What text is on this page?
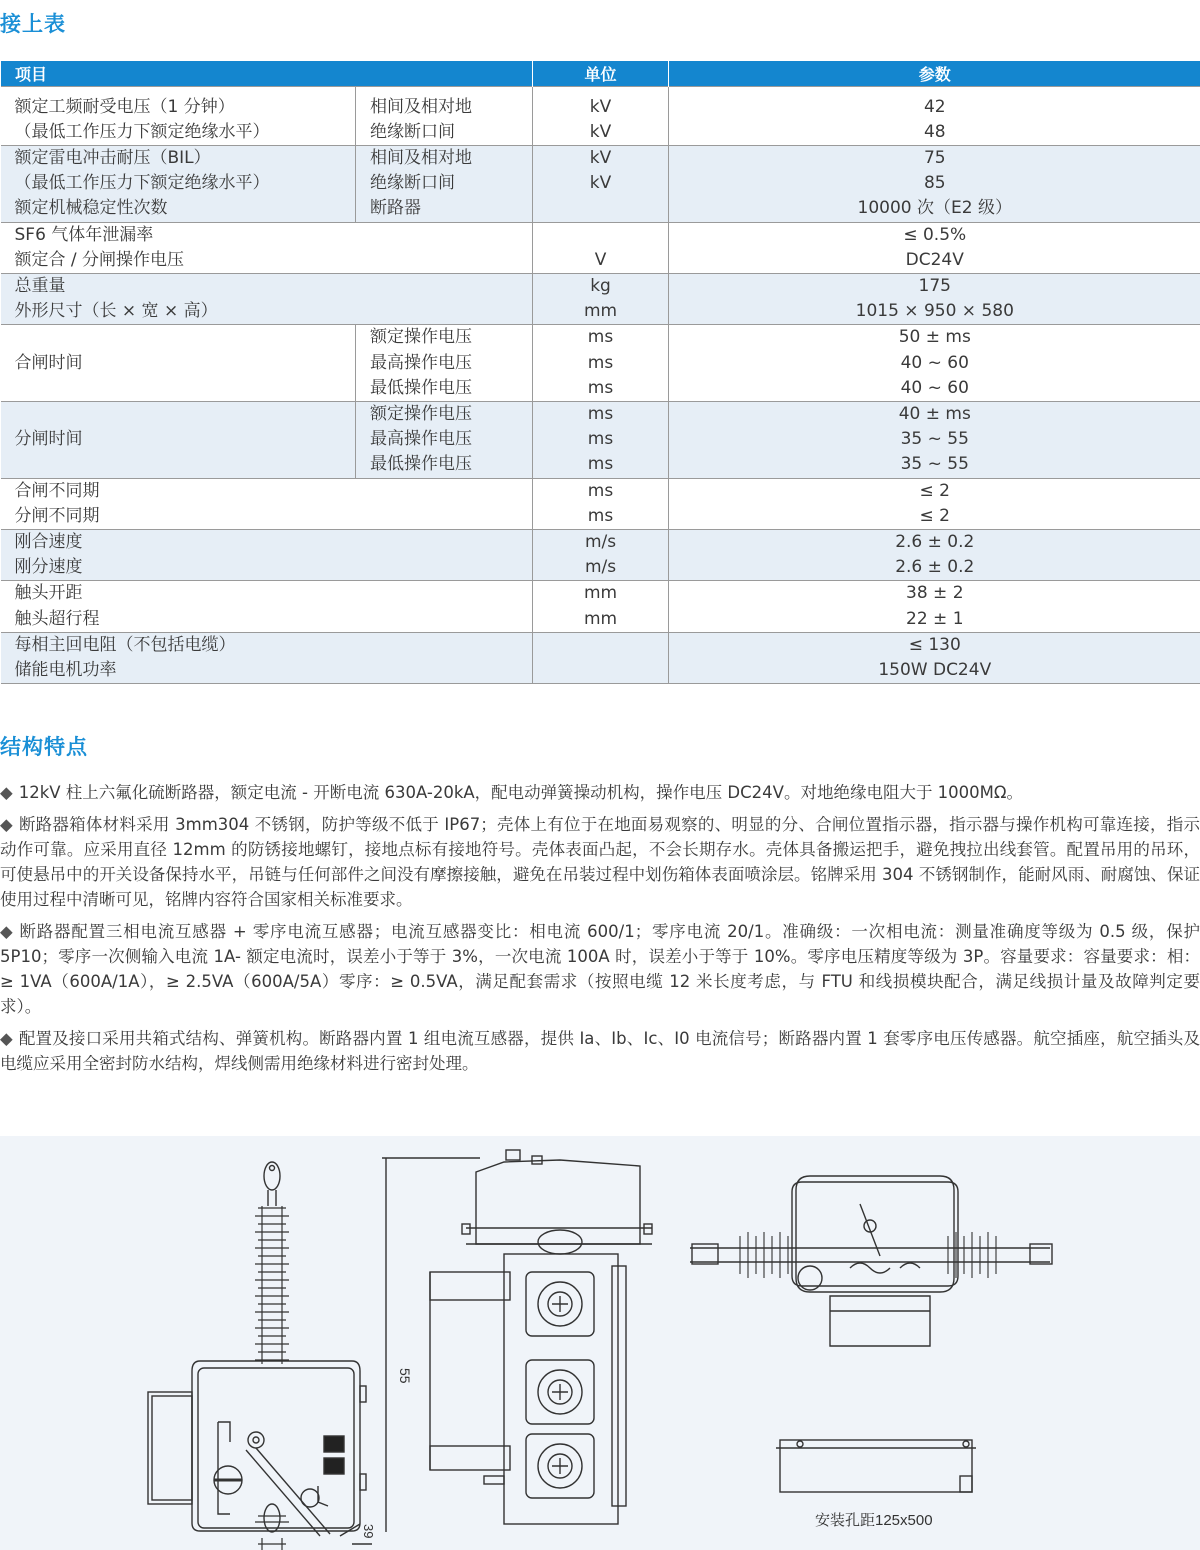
接上表
项目		单位	参数
额定工频耐受电压（1 分钟）	相间及相对地	kV	42
（最低工作压力下额定绝缘水平）	绝缘断口间	kV	48
额定雷电冲击耐压（BIL）	相间及相对地	kV	75
（最低工作压力下额定绝缘水平）	绝缘断口间	kV	85
额定机械稳定性次数	断路器		10000 次（E2 级）
SF6 气体年泄漏率			≤ 0.5%
额定合 / 分闸操作电压		V	DC24V
总重量		kg	175
外形尺寸（长 × 宽 × 高）		mm	1015 × 950 × 580
	额定操作电压	ms	50 ± ms
合闸时间	最高操作电压	ms	40 ~ 60
	最低操作电压	ms	40 ~ 60
	额定操作电压	ms	40 ± ms
分闸时间	最高操作电压	ms	35 ~ 55
	最低操作电压	ms	35 ~ 55
合闸不同期		ms	≤ 2
分闸不同期		ms	≤ 2
刚合速度		m/s	2.6 ± 0.2
刚分速度		m/s	2.6 ± 0.2
触头开距		mm	38 ± 2
触头超行程		mm	22 ± 1
每相主回电阻（不包括电缆）			≤ 130
储能电机功率			150W DC24V
结构特点

◆ 12kV 柱上六氟化硫断路器，额定电流 - 开断电流 630A-20kA，配电动弹簧操动机构，操作电压 DC24V。对地绝缘电阻大于 1000MΩ。

◆ 断路器箱体材料采用 3mm304 不锈钢，防护等级不低于 IP67；壳体上有位于在地面易观察的、明显的分、合闸位置指示器，指示器与操作机构可靠连接，指示动作可靠。应采用直径 12mm 的防锈接地螺钉，接地点标有接地符号。壳体表面凸起，不会长期存水。壳体具备搬运把手，避免拽拉出线套管。配置吊用的吊环，可使悬吊中的开关设备保持水平，吊链与任何部件之间没有摩擦接触，避免在吊装过程中划伤箱体表面喷涂层。铭牌采用 304 不锈钢制作，能耐风雨、耐腐蚀、保证使用过程中清晰可见，铭牌内容符合国家相关标准要求。

◆ 断路器配置三相电流互感器 + 零序电流互感器；电流互感器变比：相电流 600/1；零序电流 20/1。准确级：一次相电流：测量准确度等级为 0.5 级，保护 5P10；零序一次侧输入电流 1A- 额定电流时，误差小于等于 3%，一次电流 100A 时，误差小于等于 10%。零序电压精度等级为 3P。容量要求：容量要求：相：≥ 1VA（600A/1A），≥ 2.5VA（600A/5A）零序：≥ 0.5VA，满足配套需求（按照电缆 12 米长度考虑，与 FTU 和线损模块配合，满足线损计量及故障判定要求）。

◆ 配置及接口采用共箱式结构、弹簧机构。断路器内置 1 组电流互感器，提供 Ia、Ib、Ic、I0 电流信号；断路器内置 1 套零序电压传感器。航空插座，航空插头及电缆应采用全密封防水结构，焊线侧需用绝缘材料进行密封处理。

55
39
安装孔距125x500
